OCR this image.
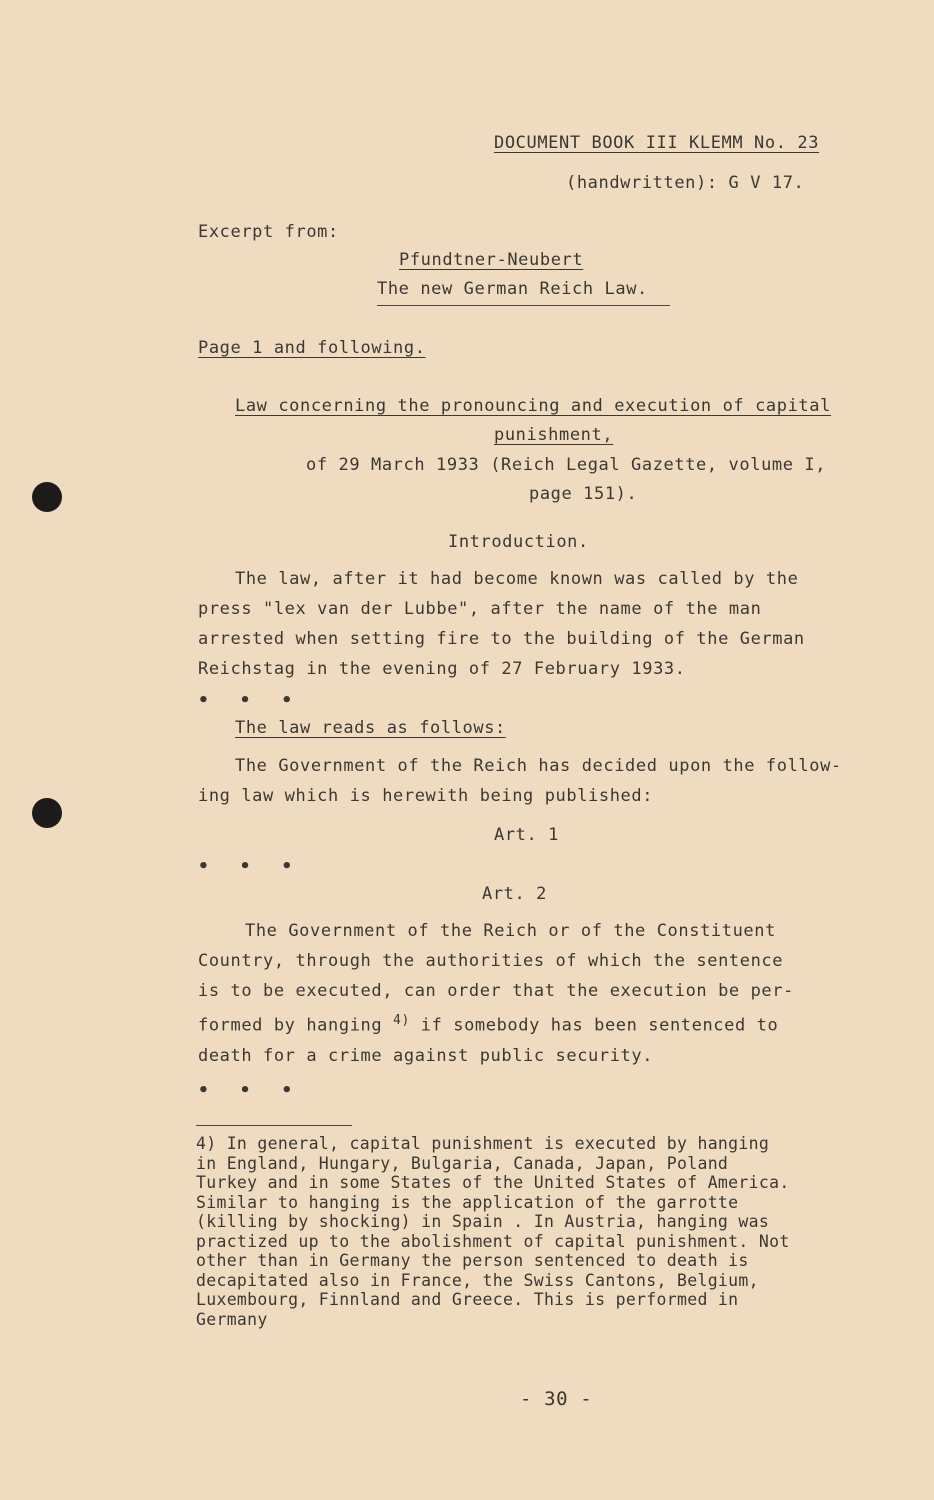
DOCUMENT BOOK III KLEMM No. 23
(handwritten): G V 17.
Excerpt from:
Pfundtner-Neubert
The new German Reich Law.
Page 1 and following.
Law concerning the pronouncing and execution of capital
punishment,
of 29 March 1933 (Reich Legal Gazette, volume I,
page 151).
Introduction.
The law, after it had become known was called by the
press "lex van der Lubbe", after the name of the man
arrested when setting fire to the building of the German
Reichstag in the evening of 27 February 1933.
• • •
The law reads as follows:
The Government of the Reich has decided upon the follow-
ing law which is herewith being published:
Art. 1
• • •
Art. 2
The Government of the Reich or of the Constituent
Country, through the authorities of which the sentence
is to be executed, can order that the execution be per-
formed by hanging $^{4)}$ if somebody has been sentenced to
death for a crime against public security.
• • •
4) In general, capital punishment is executed by hanging
in England, Hungary, Bulgaria, Canada, Japan, Poland
Turkey and in some States of the United States of America.
Similar to hanging is the application of the garrotte
(killing by shocking) in Spain . In Austria, hanging was
practized up to the abolishment of capital punishment. Not
other than in Germany the person sentenced to death is
decapitated also in France, the Swiss Cantons, Belgium,
Luxembourg, Finnland and Greece. This is performed in
Germany
- 30 -
